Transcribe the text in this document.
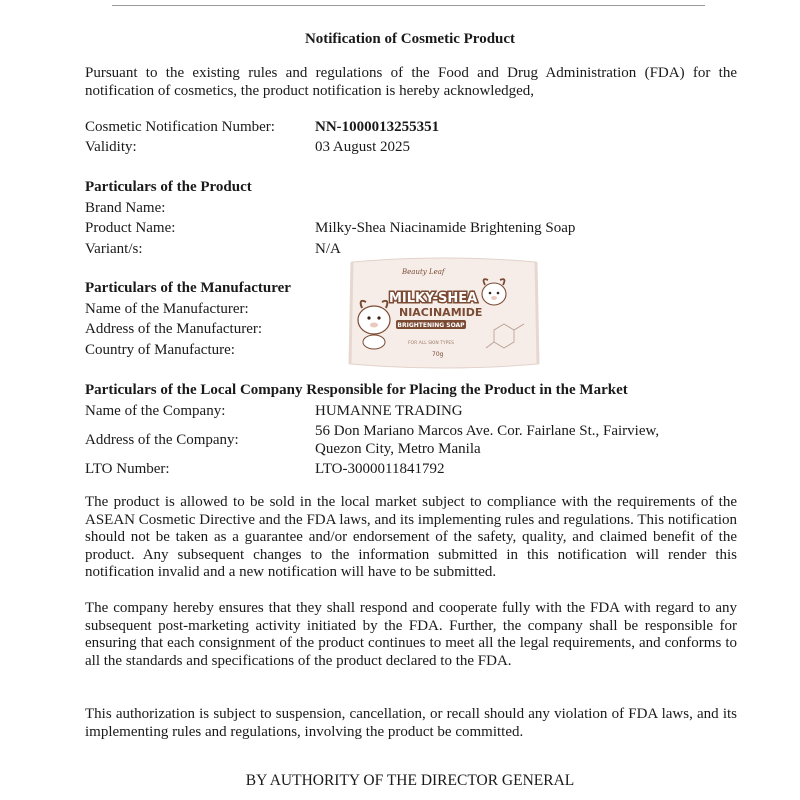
Notification of Cosmetic Product
Pursuant to the existing rules and regulations of the Food and Drug Administration (FDA) for the notification of cosmetics, the product notification is hereby acknowledged,
Cosmetic Notification Number:	NN-1000013255351
Validity:	03 August 2025
Particulars of the Product
Brand Name:
Product Name:	Milky-Shea Niacinamide Brightening Soap
Variant/s:	N/A
Beauty Leaf
MILKY-SHEA
NIACINAMIDE
BRIGHTENING SOAP
FOR ALL SKIN TYPES
70g
Particulars of the Manufacturer
Name of the Manufacturer:
Address of the Manufacturer:
Country of Manufacture:
Particulars of the Local Company Responsible for Placing the Product in the Market
Name of the Company:	HUMANNE TRADING
Address of the Company:
56 Don Mariano Marcos Ave. Cor. Fairlane St., Fairview,
Quezon City, Metro Manila
LTO Number:	LTO-3000011841792
The product is allowed to be sold in the local market subject to compliance with the requirements of the ASEAN Cosmetic Directive and the FDA laws, and its implementing rules and regulations. This notification should not be taken as a guarantee and/or endorsement of the safety, quality, and claimed benefit of the product. Any subsequent changes to the information submitted in this notification will render this notification invalid and a new notification will have to be submitted.
The company hereby ensures that they shall respond and cooperate fully with the FDA with regard to any subsequent post-marketing activity initiated by the FDA. Further, the company shall be responsible for ensuring that each consignment of the product continues to meet all the legal requirements, and conforms to all the standards and specifications of the product declared to the FDA.
This authorization is subject to suspension, cancellation, or recall should any violation of FDA laws, and its implementing rules and regulations, involving the product be committed.
BY AUTHORITY OF THE DIRECTOR GENERAL
